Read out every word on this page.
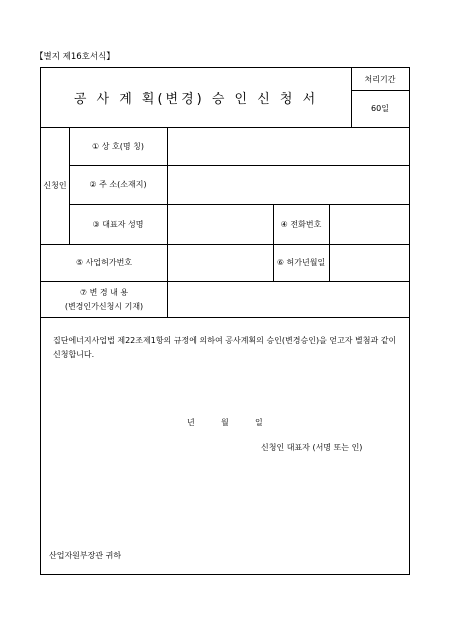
【별지 제16호서식】
공 사 계 획(변경) 승 인 신 청 서
처리기간
60일
신청인
① 상 호(명 칭)
② 주 소(소재지)
③ 대표자 성명	④ 전화번호
⑤ 사업허가번호	⑥ 허가년월일
⑦ 변 경 내 용
(변경인가신청시 기재)
집단에너지사업법 제22조제1항의 규정에 의하여 공사계획의 승인(변경승인)을 얻고자 별첨과 같이 신청합니다.
년	월	일
신청인 대표자 (서명 또는 인)
산업자원부장관 귀하
